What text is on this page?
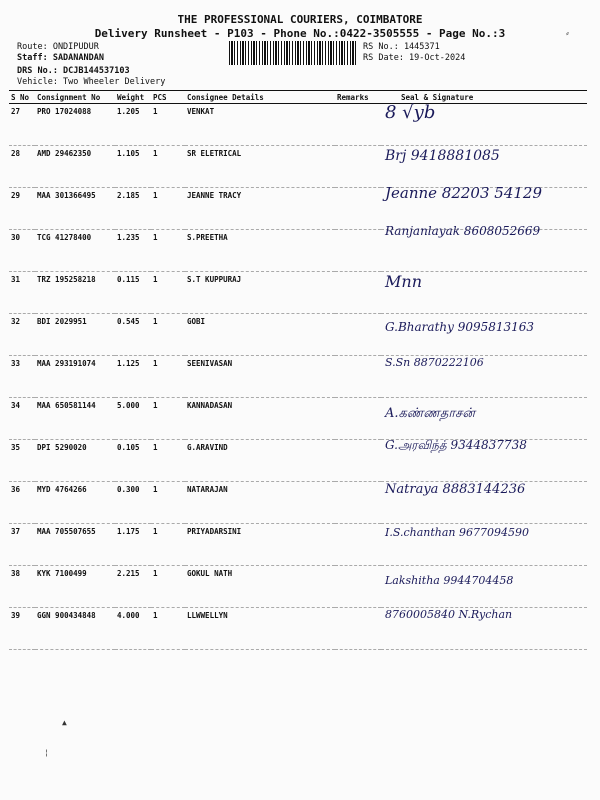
THE PROFESSIONAL COURIERS, COIMBATORE
Delivery Runsheet - P103 - Phone No.:0422-3505555 - Page No.:3
Route: ONDIPUDUR
Staff: SADANANDAN
DRS No.: DCJB144537103
Vehicle: Two Wheeler Delivery
RS No.: 1445371
RS Date: 19-Oct-2024
S No	Consignment No	Weight	PCS	Consignee Details	Remarks	Seal & Signature
27	PRO 17024088	1.205	1	VENKAT		8 √yb

28	AMD 29462350	1.105	1	SR ELETRICAL		Brj 9418881085

29	MAA 301366495	2.185	1	JEANNE TRACY		Jeanne 82203 54129

30	TCG 41278400	1.235	1	S.PREETHA		Ranjanlayak 8608052669

31	TRZ 195258218	0.115	1	S.T KUPPURAJ		Mnn

32	BDI 2029951	0.545	1	GOBI		G.Bharathy 9095813163

33	MAA 293191074	1.125	1	SEENIVASAN		S.Sn 8870222106

34	MAA 650581144	5.000	1	KANNADASAN		A.கண்ணதாசன்

35	DPI 5290020	0.105	1	G.ARAVIND		G.அரவிந்த் 9344837738

36	MYD 4764266	0.300	1	NATARAJAN		Natraya 8883144236

37	MAA 705507655	1.175	1	PRIYADARSINI		I.S.chanthan 9677094590

38	KYK 7100499	2.215	1	GOKUL NATH		Lakshitha 9944704458

39	GGN 900434848	4.000	1	LLWWELLYN		8760005840 N.Rychan
⸗
▲
¦
